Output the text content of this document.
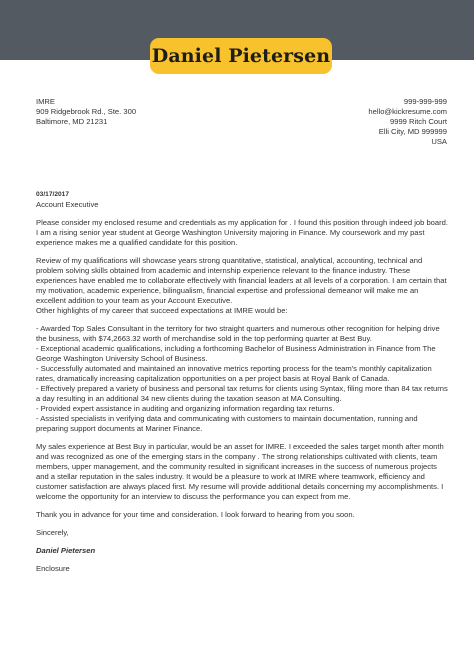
Daniel Pietersen
IMRE
909 Ridgebrook Rd., Ste. 300
Baltimore, MD 21231
999-999-999
hello@kickresume.com
9999 Ritch Court
Elli City, MD 999999
USA

03/17/2017

Account Executive

Please consider my enclosed resume and credentials as my application for . I found this position through indeed job board. I am a rising senior year student at George Washington University majoring in Finance. My coursework and my past experience makes me a qualified candidate for this position.

Review of my qualifications will showcase years strong quantitative, statistical, analytical, accounting, technical and problem solving skills obtained from academic and internship experience relevant to the finance industry. These experiences have enabled me to collaborate effectively with financial leaders at all levels of a corporation. I am certain that my motivation, academic experience, bilingualism, financial expertise and professional demeanor will make me an excellent addition to your team as your Account Executive.

Other highlights of my career that succeed expectations at IMRE would be:

- Awarded Top Sales Consultant in the territory for two straight quarters and numerous other recognition for helping drive the business, with $74,2663.32 worth of merchandise sold in the top performing quarter at Best Buy.

- Exceptional academic qualifications, including a forthcoming Bachelor of Business Administration in Finance from The George Washington University School of Business.

- Successfully automated and maintained an innovative metrics reporting process for the team's monthly capitalization rates, dramatically increasing capitalization opportunities on a per project basis at Royal Bank of Canada.

- Effectively prepared a variety of business and personal tax returns for clients using Syntax, filing more than 84 tax returns a day resulting in an additional 34 new clients during the taxation season at MA Consulting.

- Provided expert assistance in auditing and organizing information regarding tax returns.

- Assisted specialists in verifying data and communicating with customers to maintain documentation, running and preparing support documents at Mariner Finance.

My sales experience at Best Buy in particular, would be an asset for IMRE. I exceeded the sales target month after month and was recognized as one of the emerging stars in the company . The strong relationships cultivated with clients, team members, upper management, and the community resulted in significant increases in the success of numerous projects and a stellar reputation in the sales industry. It would be a pleasure to work at IMRE where teamwork, efficiency and customer satisfaction are always placed first. My resume will provide additional details concerning my accomplishments. I welcome the opportunity for an interview to discuss the performance you can expect from me.

Thank you in advance for your time and consideration. I look forward to hearing from you soon.

Sincerely,

Daniel Pietersen

Enclosure
